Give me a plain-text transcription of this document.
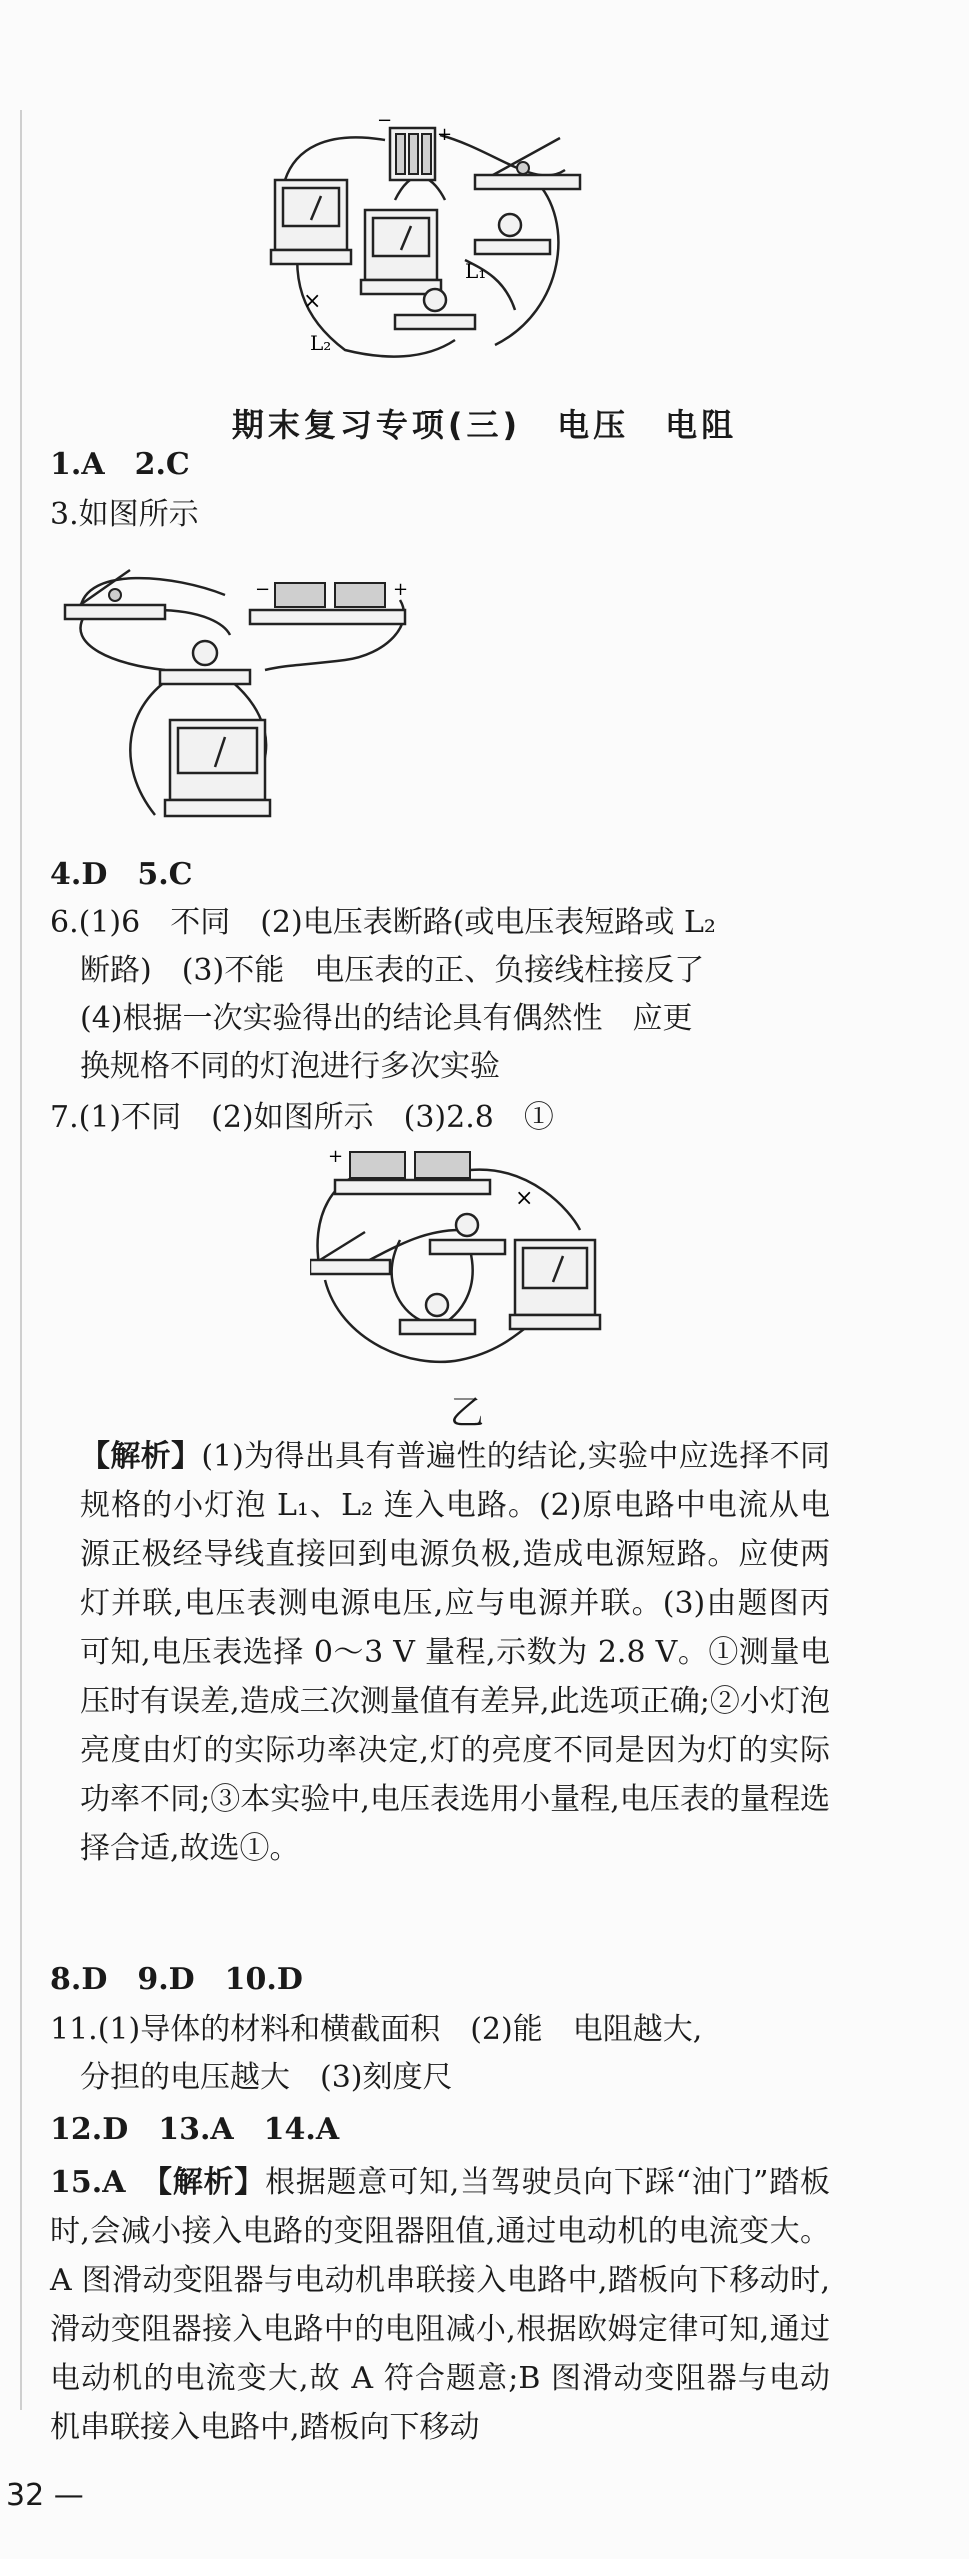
−
+
L₁
L₂
×
期末复习专项(三)　电压　电阻
1.A　2.C
3.如图所示
−	+
4.D　5.C
6.(1)6　不同　(2)电压表断路(或电压表短路或 L₂
断路)　(3)不能　电压表的正、负接线柱接反了
(4)根据一次实验得出的结论具有偶然性　应更
换规格不同的灯泡进行多次实验
7.(1)不同　(2)如图所示　(3)2.8　①
+
×
乙
【解析】(1)为得出具有普遍性的结论,实验中应选择不同规格的小灯泡 L₁、L₂ 连入电路。(2)原电路中电流从电源正极经导线直接回到电源负极,造成电源短路。应使两灯并联,电压表测电源电压,应与电源并联。(3)由题图丙可知,电压表选择 0～3 V 量程,示数为 2.8 V。①测量电压时有误差,造成三次测量值有差异,此选项正确;②小灯泡亮度由灯的实际功率决定,灯的亮度不同是因为灯的实际功率不同;③本实验中,电压表选用小量程,电压表的量程选择合适,故选①。
8.D　9.D　10.D
11.(1)导体的材料和横截面积　(2)能　电阻越大,
分担的电压越大　(3)刻度尺
12.D　13.A　14.A
15.A　【解析】根据题意可知,当驾驶员向下踩“油门”踏板时,会减小接入电路的变阻器阻值,通过电动机的电流变大。A 图滑动变阻器与电动机串联接入电路中,踏板向下移动时,滑动变阻器接入电路中的电阻减小,根据欧姆定律可知,通过电动机的电流变大,故 A 符合题意;B 图滑动变阻器与电动机串联接入电路中,踏板向下移动
32 —
